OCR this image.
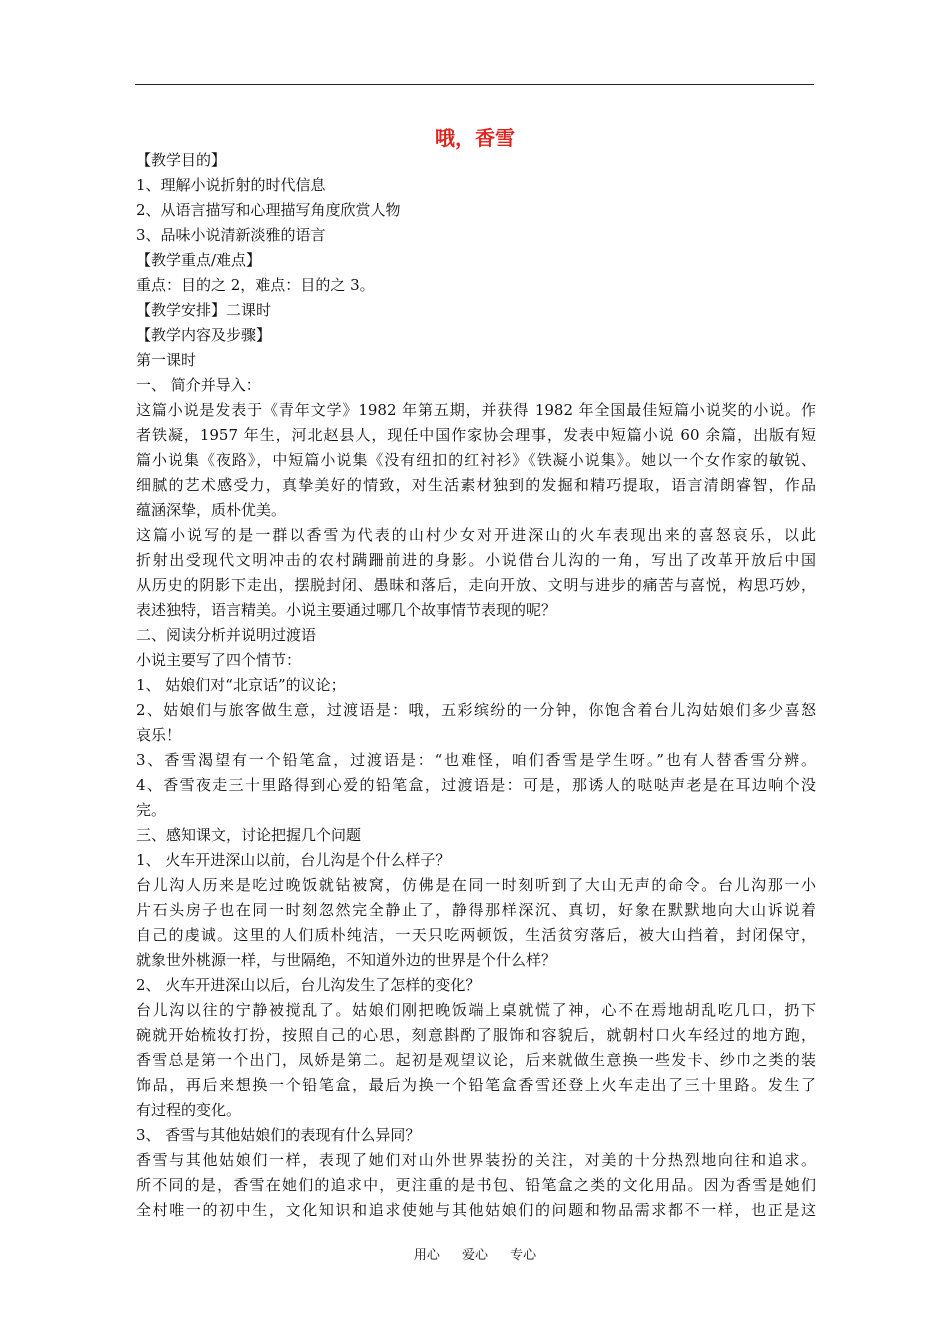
哦，香雪
【教学目的】
1、理解小说折射的时代信息
2、从语言描写和心理描写角度欣赏人物
3、品味小说清新淡雅的语言
【教学重点/难点】
重点：目的之 2，难点：目的之 3。
【教学安排】二课时
【教学内容及步骤】
第一课时
一、 简介并导入：
这篇小说是发表于《青年文学》1982 年第五期，并获得 1982 年全国最佳短篇小说奖的小说。作
者铁凝，1957 年生，河北赵县人，现任中国作家协会理事，发表中短篇小说 60 余篇，出版有短
篇小说集《夜路》，中短篇小说集《没有纽扣的红衬衫》《铁凝小说集》。她以一个女作家的敏锐、
细腻的艺术感受力，真挚美好的情致，对生活素材独到的发掘和精巧提取，语言清朗睿智，作品
蕴涵深挚，质朴优美。
这篇小说写的是一群以香雪为代表的山村少女对开进深山的火车表现出来的喜怒哀乐，以此
折射出受现代文明冲击的农村蹒跚前进的身影。小说借台儿沟的一角，写出了改革开放后中国
从历史的阴影下走出，摆脱封闭、愚昧和落后，走向开放、文明与进步的痛苦与喜悦，构思巧妙，
表述独特，语言精美。小说主要通过哪几个故事情节表现的呢？
二、阅读分析并说明过渡语
小说主要写了四个情节：
1、 姑娘们对“北京话”的议论；
2、姑娘们与旅客做生意，过渡语是：哦，五彩缤纷的一分钟，你饱含着台儿沟姑娘们多少喜怒
哀乐！
3、香雪渴望有一个铅笔盒，过渡语是：“也难怪，咱们香雪是学生呀。”也有人替香雪分辨。
4、香雪夜走三十里路得到心爱的铅笔盒，过渡语是：可是，那诱人的哒哒声老是在耳边响个没
完。
三、感知课文，讨论把握几个问题
1、 火车开进深山以前，台儿沟是个什么样子？
台儿沟人历来是吃过晚饭就钻被窝，仿佛是在同一时刻听到了大山无声的命令。台儿沟那一小
片石头房子也在同一时刻忽然完全静止了，静得那样深沉、真切，好象在默默地向大山诉说着
自己的虔诚。这里的人们质朴纯洁，一天只吃两顿饭，生活贫穷落后，被大山挡着，封闭保守，
就象世外桃源一样，与世隔绝，不知道外边的世界是个什么样？
2、 火车开进深山以后，台儿沟发生了怎样的变化？
台儿沟以往的宁静被搅乱了。姑娘们刚把晚饭端上桌就慌了神，心不在焉地胡乱吃几口，扔下
碗就开始梳妆打扮，按照自己的心思，刻意斟酌了服饰和容貌后，就朝村口火车经过的地方跑，
香雪总是第一个出门，凤娇是第二。起初是观望议论，后来就做生意换一些发卡、纱巾之类的装
饰品，再后来想换一个铅笔盒，最后为换一个铅笔盒香雪还登上火车走出了三十里路。发生了
有过程的变化。
3、 香雪与其他姑娘们的表现有什么异同？
香雪与其他姑娘们一样，表现了她们对山外世界装扮的关注，对美的十分热烈地向往和追求。
所不同的是，香雪在她们的追求中，更注重的是书包、铅笔盒之类的文化用品。因为香雪是她们
全村唯一的初中生，文化知识和追求使她与其他姑娘们的问题和物品需求都不一样，也正是这
用心 爱心 专心
